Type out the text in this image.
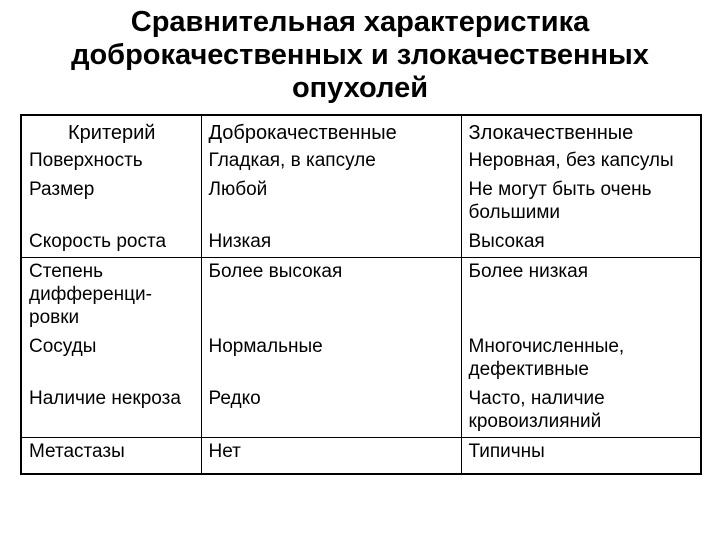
Сравнительная характеристика
доброкачественных и злокачественных
опухолей
Критерий	Доброкачественные	Злокачественные
Поверхность	Гладкая, в капсуле	Неровная, без капсулы
Размер	Любой	Не могут быть очень большими
Скорость роста	Низкая	Высокая
Степень дифференци-ровки	Более высокая	Более низкая
Сосуды	Нормальные	Многочисленные, дефективные
Наличие некроза	Редко	Часто, наличие кровоизлияний
Метастазы	Нет	Типичны
